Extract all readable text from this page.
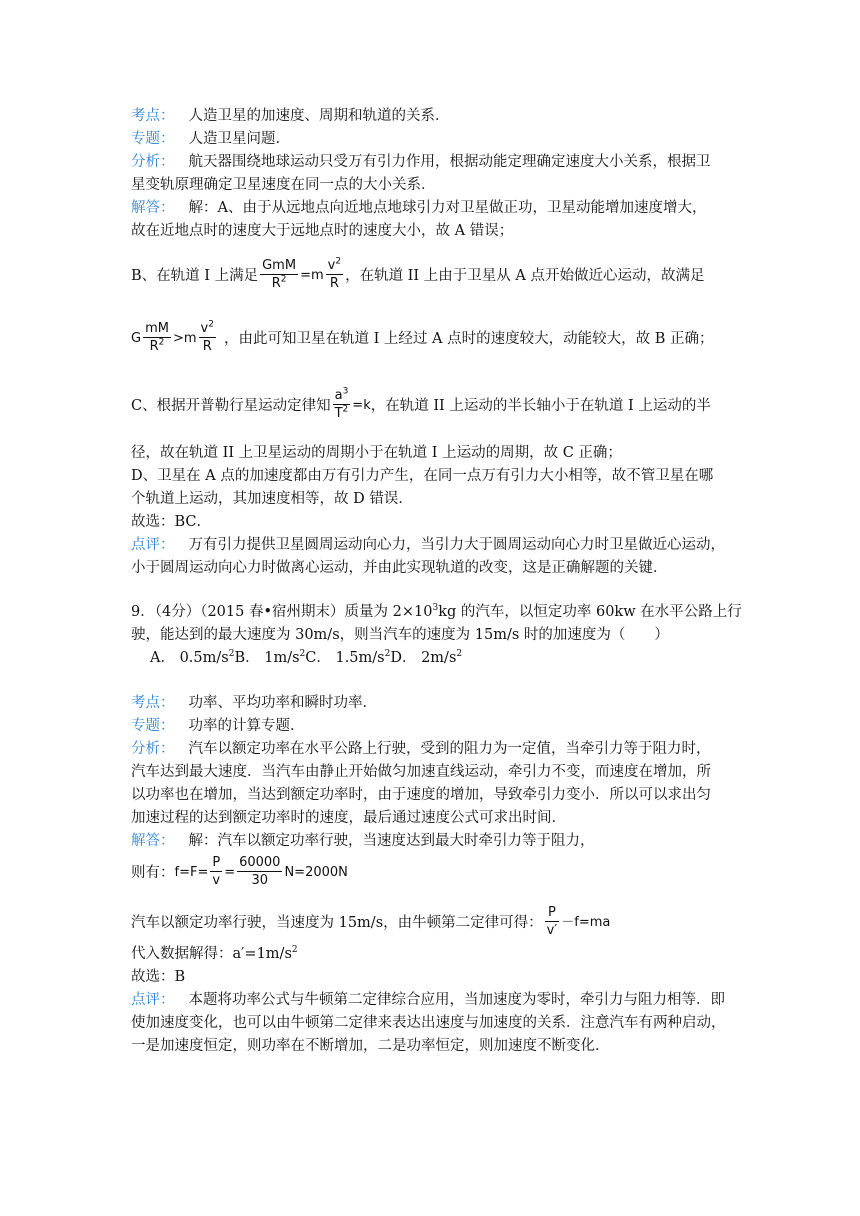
考点： 人造卫星的加速度、周期和轨道的关系．
专题： 人造卫星问题．
分析： 航天器围绕地球运动只受万有引力作用，根据动能定理确定速度大小关系，根据卫
星变轨原理确定卫星速度在同一点的大小关系．
解答： 解：A、由于从远地点向近地点地球引力对卫星做正功，卫星动能增加速度增大，
故在近地点时的速度大于远地点时的速度大小，故 A 错误；
B、在轨道 I 上满足 $\frac{\text{GmM}}{R^2} =m \frac{v^2}{R}$ ，在轨道 II 上由于卫星从 A 点开始做近心运动，故满足
G $\frac{mM}{R^2} >m \frac{v^2}{R}$ ，由此可知卫星在轨道 I 上经过 A 点时的速度较大，动能较大，故 B 正确；
C、根据开普勒行星运动定律知 $\frac{a^3}{T^2} =k$，在轨道 II 上运动的半长轴小于在轨道 I 上运动的半
径，故在轨道 II 上卫星运动的周期小于在轨道 I 上运动的周期，故 C 正确；
D、卫星在 A 点的加速度都由万有引力产生，在同一点万有引力大小相等，故不管卫星在哪
个轨道上运动，其加速度相等，故 D 错误．
故选：BC．
点评： 万有引力提供卫星圆周运动向心力，当引力大于圆周运动向心力时卫星做近心运动，
小于圆周运动向心力时做离心运动，并由此实现轨道的改变，这是正确解题的关键．
9．（4分）（2015 春•宿州期末）质量为 $2\times 10^3kg$ 的汽车，以恒定功率 60kw 在水平公路上行
驶，能达到的最大速度为 30m/s，则当汽车的速度为 15m/s 时的加速度为（　　）
A． $0.5m/s^2B$． $1m/s^2C$． $1.5m/s^2D$． $2m/s^2$
考点： 功率、平均功率和瞬时功率．
专题： 功率的计算专题．
分析： 汽车以额定功率在水平公路上行驶，受到的阻力为一定值，当牵引力等于阻力时，
汽车达到最大速度．当汽车由静止开始做匀加速直线运动，牵引力不变，而速度在增加，所
以功率也在增加，当达到额定功率时，由于速度的增加，导致牵引力变小．所以可以求出匀
加速过程的达到额定功率时的速度，最后通过速度公式可求出时间．
解答： 解：汽车以额定功率行驶，当速度达到最大时牵引力等于阻力，
则有：$f=F= \frac{P}{v} = \frac{60000}{30} N=2000N$
汽车以额定功率行驶，当速度为 15m/s，由牛顿第二定律可得： $\frac{P}{v'} -f=ma$
代入数据解得：$a'=1m/s^2$
故选：B
点评： 本题将功率公式与牛顿第二定律综合应用，当加速度为零时，牵引力与阻力相等．即
使加速度变化，也可以由牛顿第二定律来表达出速度与加速度的关系．注意汽车有两种启动，
一是加速度恒定，则功率在不断增加，二是功率恒定，则加速度不断变化．
